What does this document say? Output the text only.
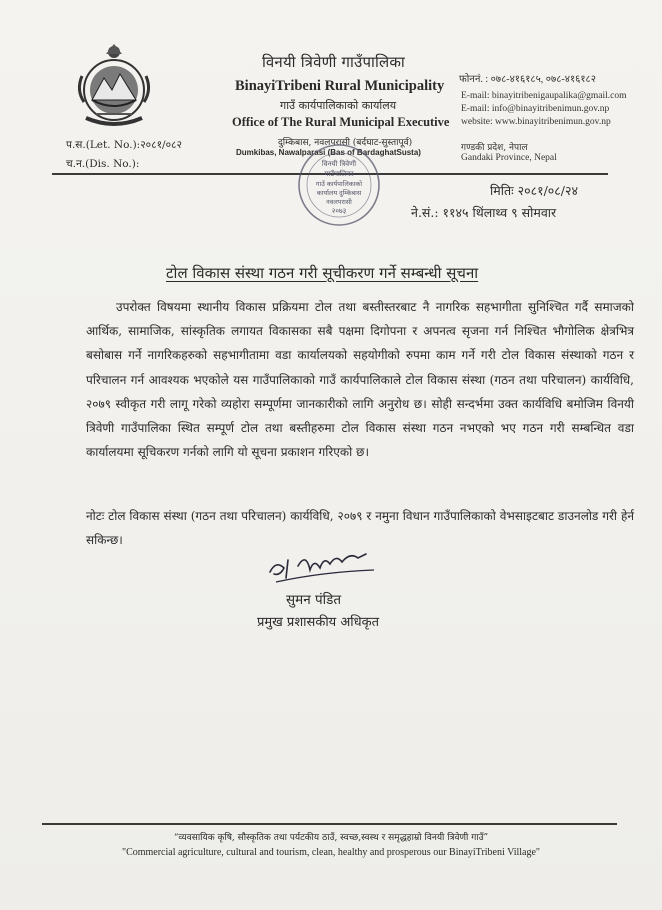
विनयी त्रिवेणी गाउँपालिका
BinayiTribeni Rural Municipality
गाउँ कार्यपालिकाको कार्यालय
Office of The Rural Municipal Executive
दुम्किबास, नवलपरासी (बर्दघाट-सुस्तापूर्व)
Dumkibas, Nawalparasi (Bas of BardaghatSusta)
फोननं. : ०७८-४१६१८५, ०७८-४१६१८२
E-mail: binayitribenigaupalika@gmail.com
E-mail: info@binayitribenimun.gov.np
website: www.binayitribenimun.gov.np
गण्डकी प्रदेश, नेपाल
Gandaki Province, Nepal
प.स.(Let. No.):२०८१/०८२
च.न.(Dis. No.):	विनयी त्रिवेणी
गाउँपालिका
गाउँ कार्यपालिकाको
कार्यालय दुम्किबास
नवलपरासी
२०७३
मितिः २०८१/०८/२४
ने.सं.: ११४५ थिंलाथ्व ९ सोमवार
टोल विकास संस्था गठन गरी सूचीकरण गर्ने सम्बन्धी सूचना

उपरोक्त विषयमा स्थानीय विकास प्रक्रियमा टोल तथा बस्तीस्तरबाट नै नागरिक सहभागीता सुनिश्चित गर्दै समाजको आर्थिक, सामाजिक, सांस्कृतिक लगायत विकासका सबै पक्षमा दिगोपना र अपनत्व सृजना गर्न निश्चित भौगोलिक क्षेत्रभित्र बसोबास गर्ने नागरिकहरुको सहभागीतामा वडा कार्यालयको सहयोगीको रुपमा काम गर्ने गरी टोल विकास संस्थाको गठन र परिचालन गर्न आवश्यक भएकोले यस गाउँपालिकाको गाउँ कार्यपालिकाले टोल विकास संस्था (गठन तथा परिचालन) कार्यविधि, २०७९ स्वीकृत गरी लागू गरेको व्यहोरा सम्पूर्णमा जानकारीको लागि अनुरोध छ। सोही सन्दर्भमा उक्त कार्यविधि बमोजिम विनयी त्रिवेणी गाउँपालिका स्थित सम्पूर्ण टोल तथा बस्तीहरुमा टोल विकास संस्था गठन नभएको भए गठन गरी सम्बन्धित वडा कार्यालयमा सूचिकरण गर्नको लागि यो सूचना प्रकाशन गरिएको छ।

नोटः टोल विकास संस्था (गठन तथा परिचालन) कार्यविधि, २०७९ र नमुना विधान गाउँपालिकाको वेभसाइटबाट डाउनलोड गरी हेर्न सकिन्छ।

सुमन पंडित
प्रमुख प्रशासकीय अधिकृत
“व्यवसायिक कृषि, सौस्कृतिक तथा पर्यटकीय ठाउँ, स्वच्छ,स्वस्थ र समृद्धहाम्रो विनयी त्रिवेणी गाउँ”
"Commercial agriculture, cultural and tourism, clean, healthy and prosperous our BinayiTribeni Village"
